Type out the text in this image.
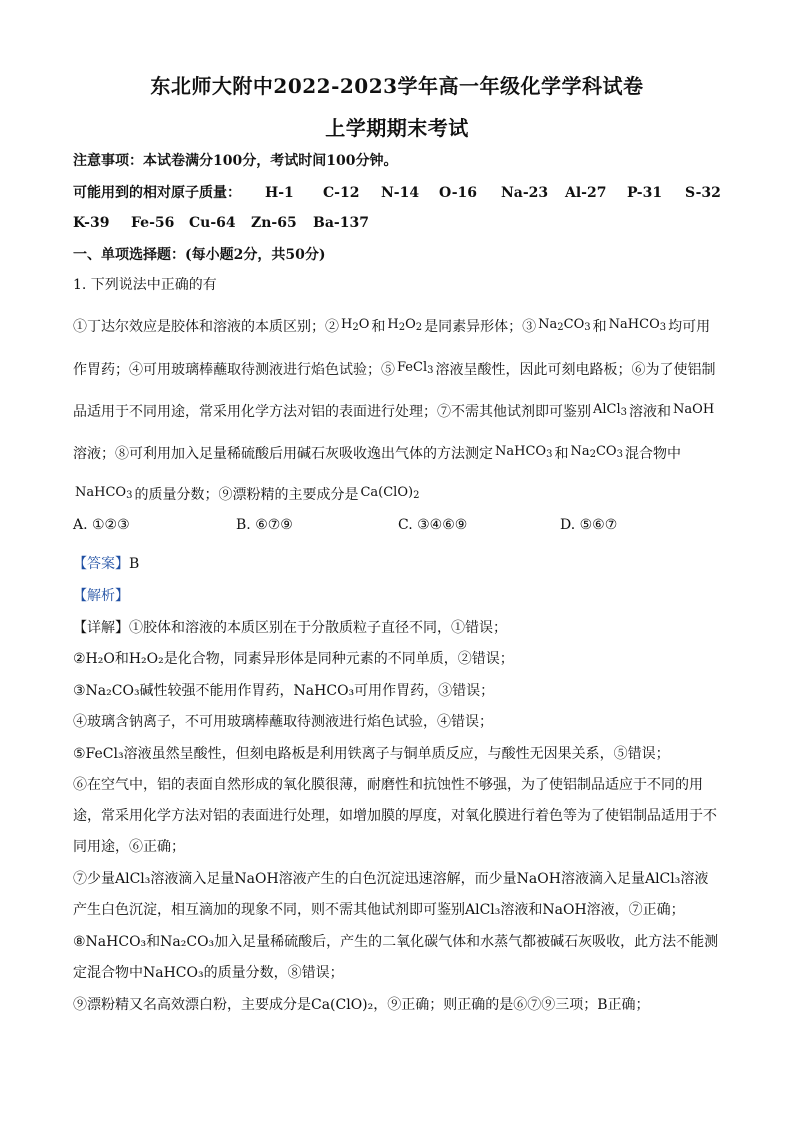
东北师大附中2022-2023学年高一年级化学学科试卷
上学期期末考试
注意事项：本试卷满分100分，考试时间100分钟。
可能用到的相对原子质量： H-1 C-12 N-14 O-16 Na-23 Al-27 P-31 S-32
K-39 Fe-56 Cu-64 Zn-65 Ba-137
一、单项选择题：(每小题2分，共50分)
1. 下列说法中正确的有
①丁达尔效应是胶体和溶液的本质区别；② $H_2O$ 和 $H_2O_2$ 是同素异形体；③ $Na_2CO_3$ 和 NaHCO$_3$ 均可用
作胃药；④可用玻璃棒蘸取待测液进行焰色试验；⑤ FeCl$_3$ 溶液呈酸性，因此可刻电路板；⑥为了使铝制
品适用于不同用途，常采用化学方法对铝的表面进行处理；⑦不需其他试剂即可鉴别 AlCl$_3$ 溶液和 NaOH
溶液；⑧可利用加入足量稀硫酸后用碱石灰吸收逸出气体的方法测定 NaHCO$_3$ 和 $Na_2CO_3$ 混合物中
NaHCO$_3$ 的质量分数；⑨漂粉精的主要成分是 $Ca(ClO)_2$
A. ①②③	B. ⑥⑦⑨	C. ③④⑥⑨	D. ⑤⑥⑦
【答案】B
【解析】
【详解】①胶体和溶液的本质区别在于分散质粒子直径不同，①错误；
②H₂O和H₂O₂是化合物，同素异形体是同种元素的不同单质，②错误；
③Na₂CO₃碱性较强不能用作胃药，NaHCO₃可用作胃药，③错误；
④玻璃含钠离子，不可用玻璃棒蘸取待测液进行焰色试验，④错误；
⑤FeCl₃溶液虽然呈酸性，但刻电路板是利用铁离子与铜单质反应，与酸性无因果关系，⑤错误；
⑥在空气中，铝的表面自然形成的氧化膜很薄，耐磨性和抗蚀性不够强，为了使铝制品适应于不同的用
途，常采用化学方法对铝的表面进行处理，如增加膜的厚度，对氧化膜进行着色等为了使铝制品适用于不
同用途，⑥正确；
⑦少量AlCl₃溶液滴入足量NaOH溶液产生的白色沉淀迅速溶解，而少量NaOH溶液滴入足量AlCl₃溶液
产生白色沉淀，相互滴加的现象不同，则不需其他试剂即可鉴别AlCl₃溶液和NaOH溶液，⑦正确；
⑧NaHCO₃和Na₂CO₃加入足量稀硫酸后，产生的二氧化碳气体和水蒸气都被碱石灰吸收，此方法不能测
定混合物中NaHCO₃的质量分数，⑧错误；
⑨漂粉精又名高效漂白粉，主要成分是Ca(ClO)₂，⑨正确；则正确的是⑥⑦⑨三项；B正确；
